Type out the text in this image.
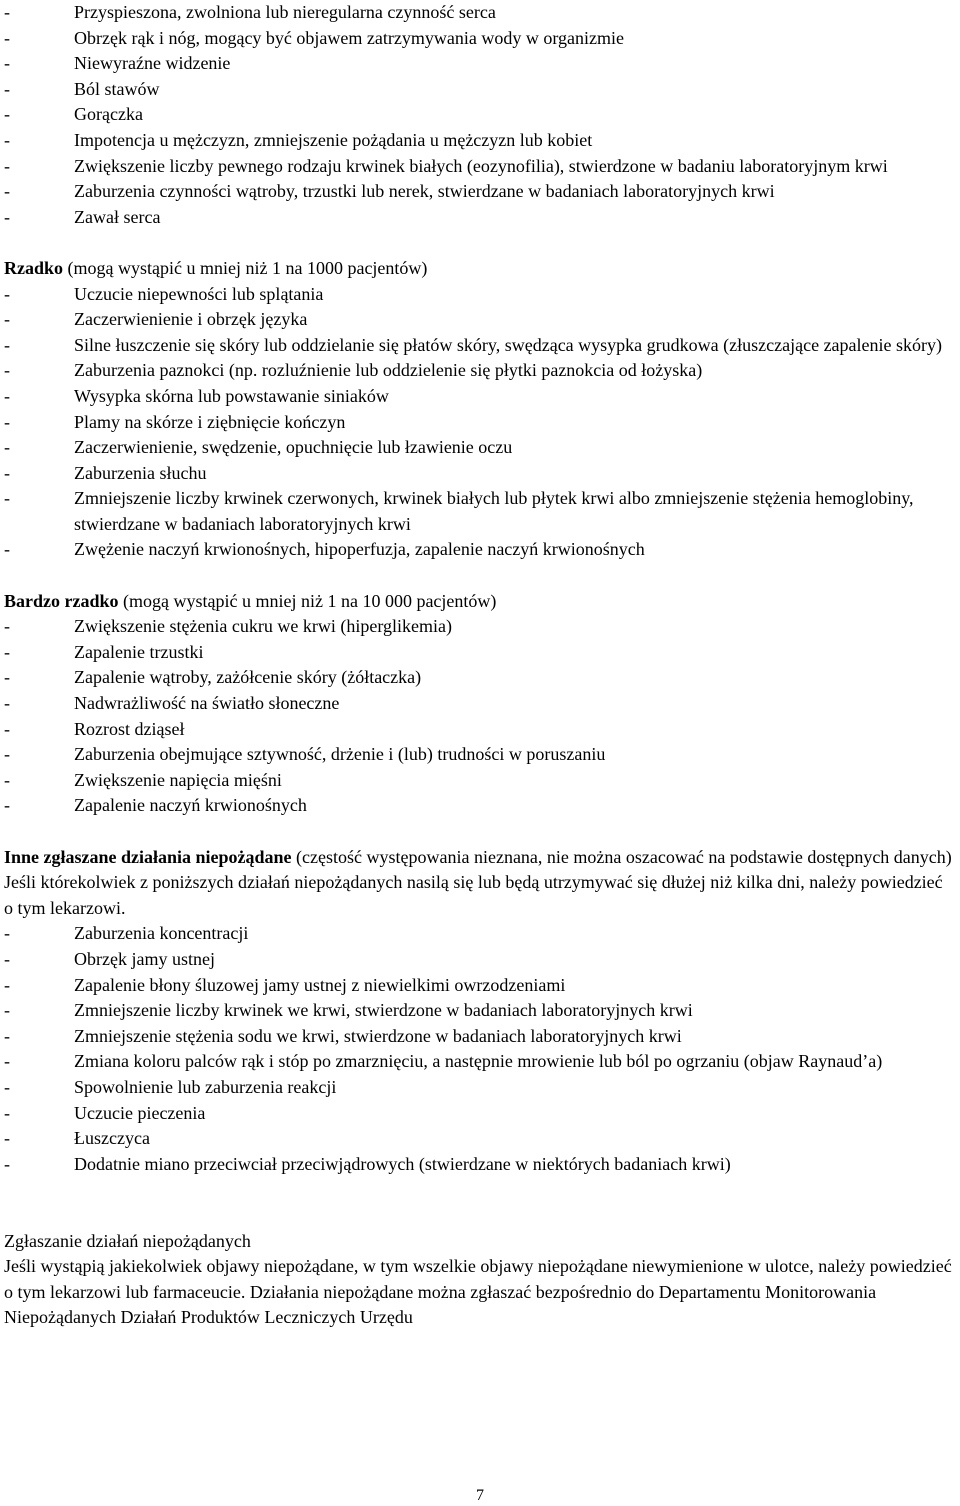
-	Przyspieszona, zwolniona lub nieregularna czynność serca
-	Obrzęk rąk i nóg, mogący być objawem zatrzymywania wody w organizmie
-	Niewyraźne widzenie
-	Ból stawów
-	Gorączka
-	Impotencja u mężczyzn, zmniejszenie pożądania u mężczyzn lub kobiet
-	Zwiększenie liczby pewnego rodzaju krwinek białych (eozynofilia), stwierdzone w badaniu laboratoryjnym krwi
-	Zaburzenia czynności wątroby, trzustki lub nerek, stwierdzane w badaniach laboratoryjnych krwi
-	Zawał serca
Rzadko (mogą wystąpić u mniej niż 1 na 1000 pacjentów)
-	Uczucie niepewności lub splątania
-	Zaczerwienienie i obrzęk języka
-	Silne łuszczenie się skóry lub oddzielanie się płatów skóry, swędząca wysypka grudkowa (złuszczające zapalenie skóry)
-	Zaburzenia paznokci (np. rozluźnienie lub oddzielenie się płytki paznokcia od łożyska)
-	Wysypka skórna lub powstawanie siniaków
-	Plamy na skórze i ziębnięcie kończyn
-	Zaczerwienienie, swędzenie, opuchnięcie lub łzawienie oczu
-	Zaburzenia słuchu
-	Zmniejszenie liczby krwinek czerwonych, krwinek białych lub płytek krwi albo zmniejszenie stężenia hemoglobiny, stwierdzane w badaniach laboratoryjnych krwi
-	Zwężenie naczyń krwionośnych, hipoperfuzja, zapalenie naczyń krwionośnych
Bardzo rzadko (mogą wystąpić u mniej niż 1 na 10 000 pacjentów)
-	Zwiększenie stężenia cukru we krwi (hiperglikemia)
-	Zapalenie trzustki
-	Zapalenie wątroby, zażółcenie skóry (żółtaczka)
-	Nadwrażliwość na światło słoneczne
-	Rozrost dziąseł
-	Zaburzenia obejmujące sztywność, drżenie i (lub) trudności w poruszaniu
-	Zwiększenie napięcia mięśni
-	Zapalenie naczyń krwionośnych
Inne zgłaszane działania niepożądane (częstość występowania nieznana, nie można oszacować na podstawie dostępnych danych)
Jeśli którekolwiek z poniższych działań niepożądanych nasilą się lub będą utrzymywać się dłużej niż kilka dni, należy powiedzieć o tym lekarzowi.
-	Zaburzenia koncentracji
-	Obrzęk jamy ustnej
-	Zapalenie błony śluzowej jamy ustnej z niewielkimi owrzodzeniami
-	Zmniejszenie liczby krwinek we krwi, stwierdzone w badaniach laboratoryjnych krwi
-	Zmniejszenie stężenia sodu we krwi, stwierdzone w badaniach laboratoryjnych krwi
-	Zmiana koloru palców rąk i stóp po zmarznięciu, a następnie mrowienie lub ból po ogrzaniu (objaw Raynaud’a)
-	Spowolnienie lub zaburzenia reakcji
-	Uczucie pieczenia
-	Łuszczyca
-	Dodatnie miano przeciwciał przeciwjądrowych (stwierdzane w niektórych badaniach krwi)
Zgłaszanie działań niepożądanych
Jeśli wystąpią jakiekolwiek objawy niepożądane, w tym wszelkie objawy niepożądane niewymienione w ulotce, należy powiedzieć o tym lekarzowi lub farmaceucie. Działania niepożądane można zgłaszać bezpośrednio do Departamentu Monitorowania Niepożądanych Działań Produktów Leczniczych Urzędu
7
